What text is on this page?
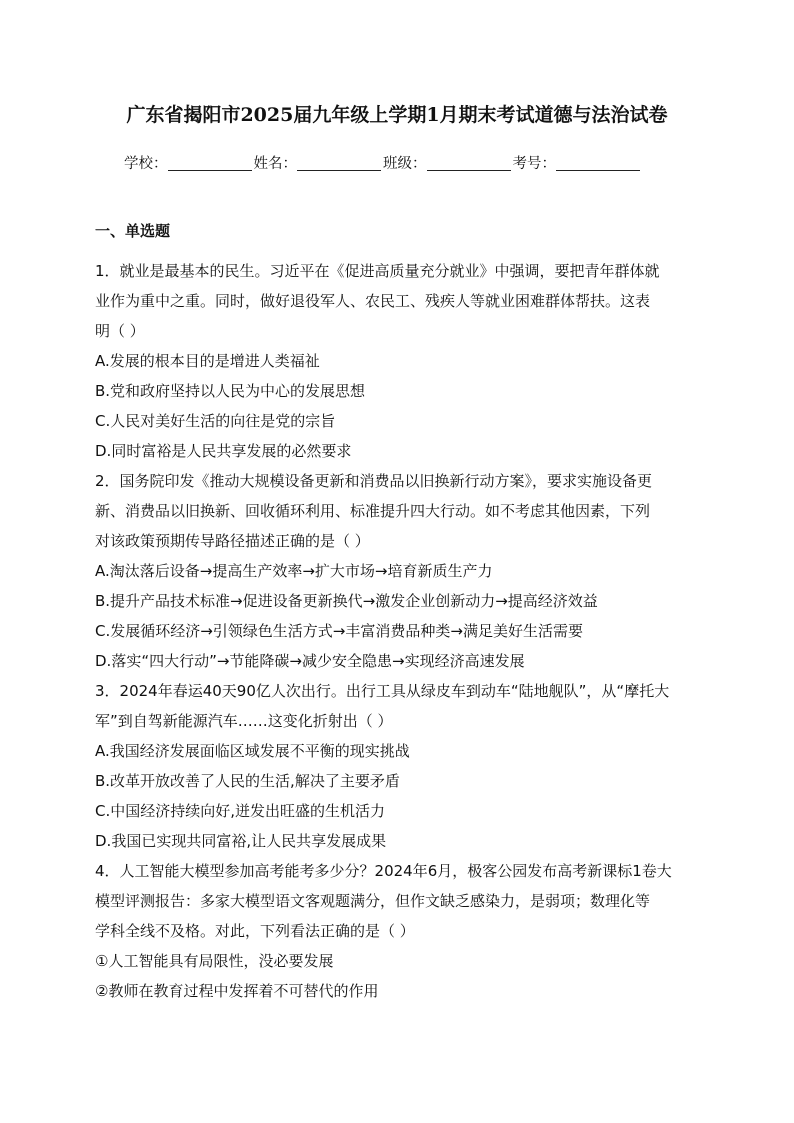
广东省揭阳市2025届九年级上学期1月期末考试道德与法治试卷
学校：	姓名：	班级：	考号：
一、单选题
1．就业是最基本的民生。习近平在《促进高质量充分就业》中强调，要把青年群体就
业作为重中之重。同时，做好退役军人、农民工、残疾人等就业困难群体帮扶。这表
明（ ）
A.发展的根本目的是增进人类福祉
B.党和政府坚持以人民为中心的发展思想
C.人民对美好生活的向往是党的宗旨
D.同时富裕是人民共享发展的必然要求
2．国务院印发《推动大规模设备更新和消费品以旧换新行动方案》，要求实施设备更
新、消费品以旧换新、回收循环利用、标准提升四大行动。如不考虑其他因素，下列
对该政策预期传导路径描述正确的是（ ）
A.淘汰落后设备→提高生产效率→扩大市场→培育新质生产力
B.提升产品技术标准→促进设备更新换代→激发企业创新动力→提高经济效益
C.发展循环经济→引领绿色生活方式→丰富消费品种类→满足美好生活需要
D.落实“四大行动”→节能降碳→减少安全隐患→实现经济高速发展
3．2024年春运40天90亿人次出行。出行工具从绿皮车到动车“陆地舰队”，从“摩托大
军”到自驾新能源汽车……这变化折射出（ ）
A.我国经济发展面临区域发展不平衡的现实挑战
B.改革开放改善了人民的生活,解决了主要矛盾
C.中国经济持续向好,迸发出旺盛的生机活力
D.我国已实现共同富裕,让人民共享发展成果
4．人工智能大模型参加高考能考多少分？2024年6月，极客公园发布高考新课标1卷大
模型评测报告：多家大模型语文客观题满分，但作文缺乏感染力，是弱项；数理化等
学科全线不及格。对此，下列看法正确的是（ ）
①人工智能具有局限性，没必要发展
②教师在教育过程中发挥着不可替代的作用
